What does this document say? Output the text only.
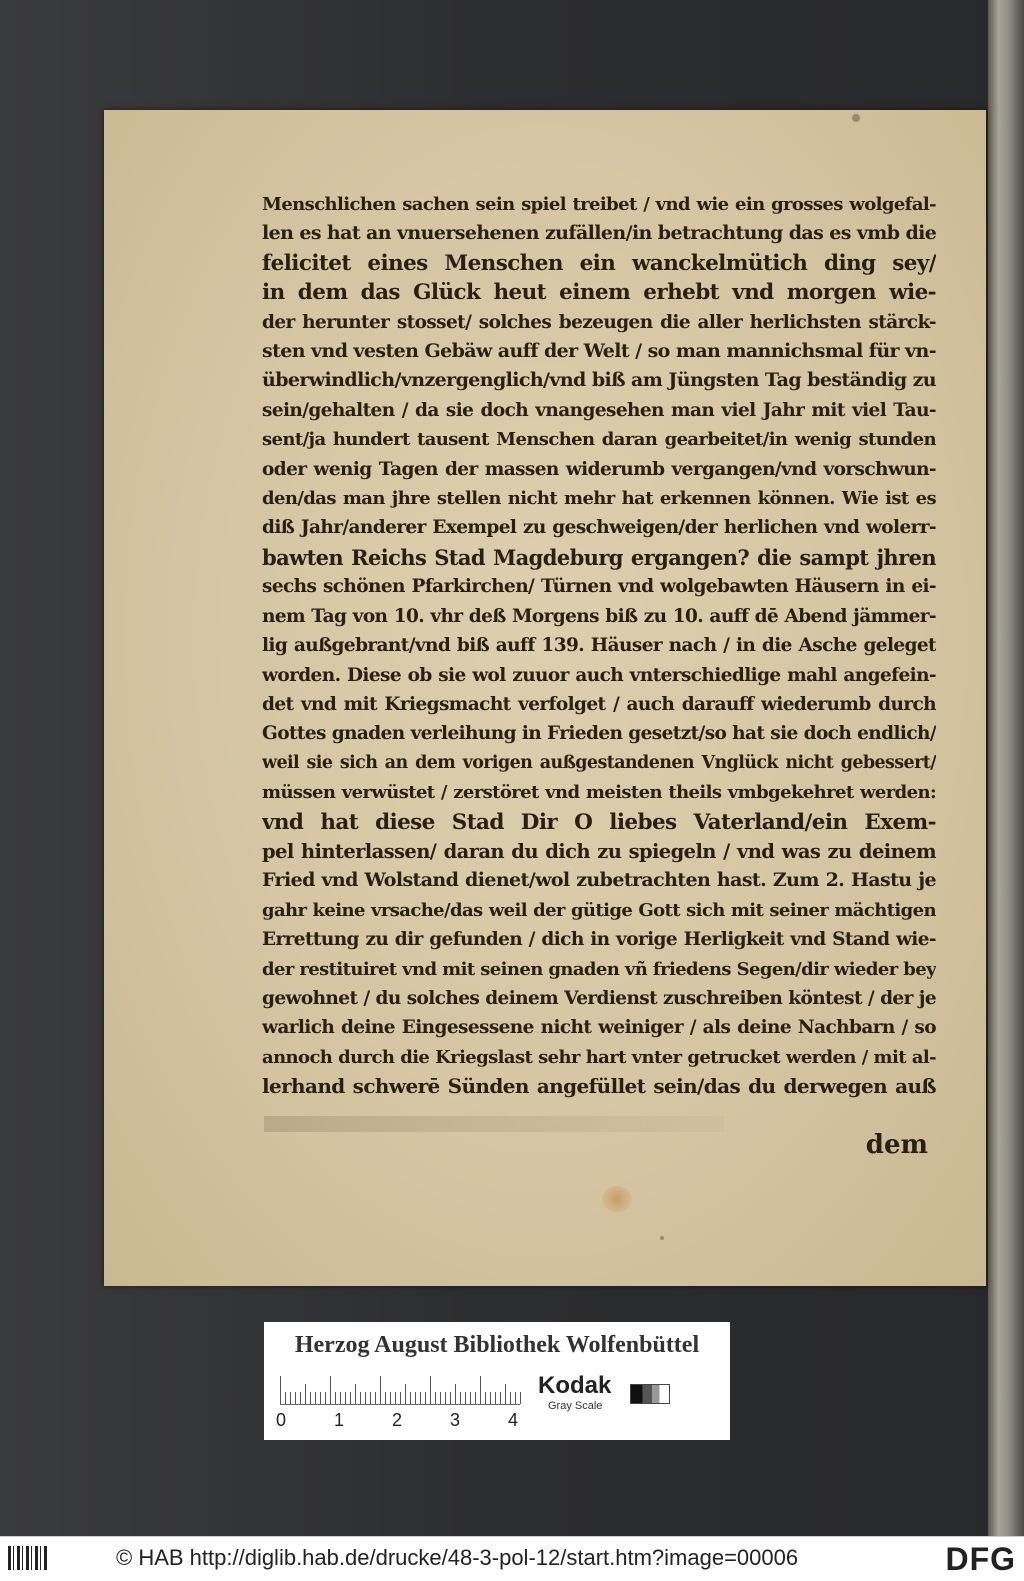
Menschlichen sachen sein spiel treibet / vnd wie ein grosses wolgefal-
len es hat an vnuersehenen zufällen/in betrachtung das es vmb die
felicitet eines Menschen ein wanckelmütich ding sey/
in dem das Glück heut einem erhebt vnd morgen wie-
der herunter stosset/ solches bezeugen die aller herlichsten stärck-
sten vnd vesten Gebäw auff der Welt / so man mannichsmal für vn-
überwindlich/vnzergenglich/vnd biß am Jüngsten Tag beständig zu
sein/gehalten / da sie doch vnangesehen man viel Jahr mit viel Tau-
sent/ja hundert tausent Menschen daran gearbeitet/in wenig stunden
oder wenig Tagen der massen widerumb vergangen/vnd vorschwun-
den/das man jhre stellen nicht mehr hat erkennen können. Wie ist es
diß Jahr/anderer Exempel zu geschweigen/der herlichen vnd wolerr-
bawten Reichs Stad Magdeburg ergangen? die sampt jhren
sechs schönen Pfarkirchen/ Türnen vnd wolgebawten Häusern in ei-
nem Tag von 10. vhr deß Morgens biß zu 10. auff dē Abend jämmer-
lig außgebrant/vnd biß auff 139. Häuser nach / in die Asche geleget
worden. Diese ob sie wol zuuor auch vnterschiedlige mahl angefein-
det vnd mit Kriegsmacht verfolget / auch darauff wiederumb durch
Gottes gnaden verleihung in Frieden gesetzt/so hat sie doch endlich/
weil sie sich an dem vorigen außgestandenen Vnglück nicht gebessert/
müssen verwüstet / zerstöret vnd meisten theils vmbgekehret werden:
vnd hat diese Stad Dir O liebes Vaterland/ein Exem-
pel hinterlassen/ daran du dich zu spiegeln / vnd was zu deinem
Fried vnd Wolstand dienet/wol zubetrachten hast. Zum 2. Hastu je
gahr keine vrsache/das weil der gütige Gott sich mit seiner mächtigen
Errettung zu dir gefunden / dich in vorige Herligkeit vnd Stand wie-
der restituiret vnd mit seinen gnaden vñ friedens Segen/dir wieder bey
gewohnet / du solches deinem Verdienst zuschreiben köntest / der je
warlich deine Eingesessene nicht weiniger / als deine Nachbarn / so
annoch durch die Kriegslast sehr hart vnter getrucket werden / mit al-
lerhand schwerē Sünden angefüllet sein/das du derwegen auß
dem
Herzog August Bibliothek Wolfenbüttel
0	1	2	3	4
Kodak
Gray Scale
© HAB http://diglib.hab.de/drucke/48-3-pol-12/start.htm?image=00006	DFG
